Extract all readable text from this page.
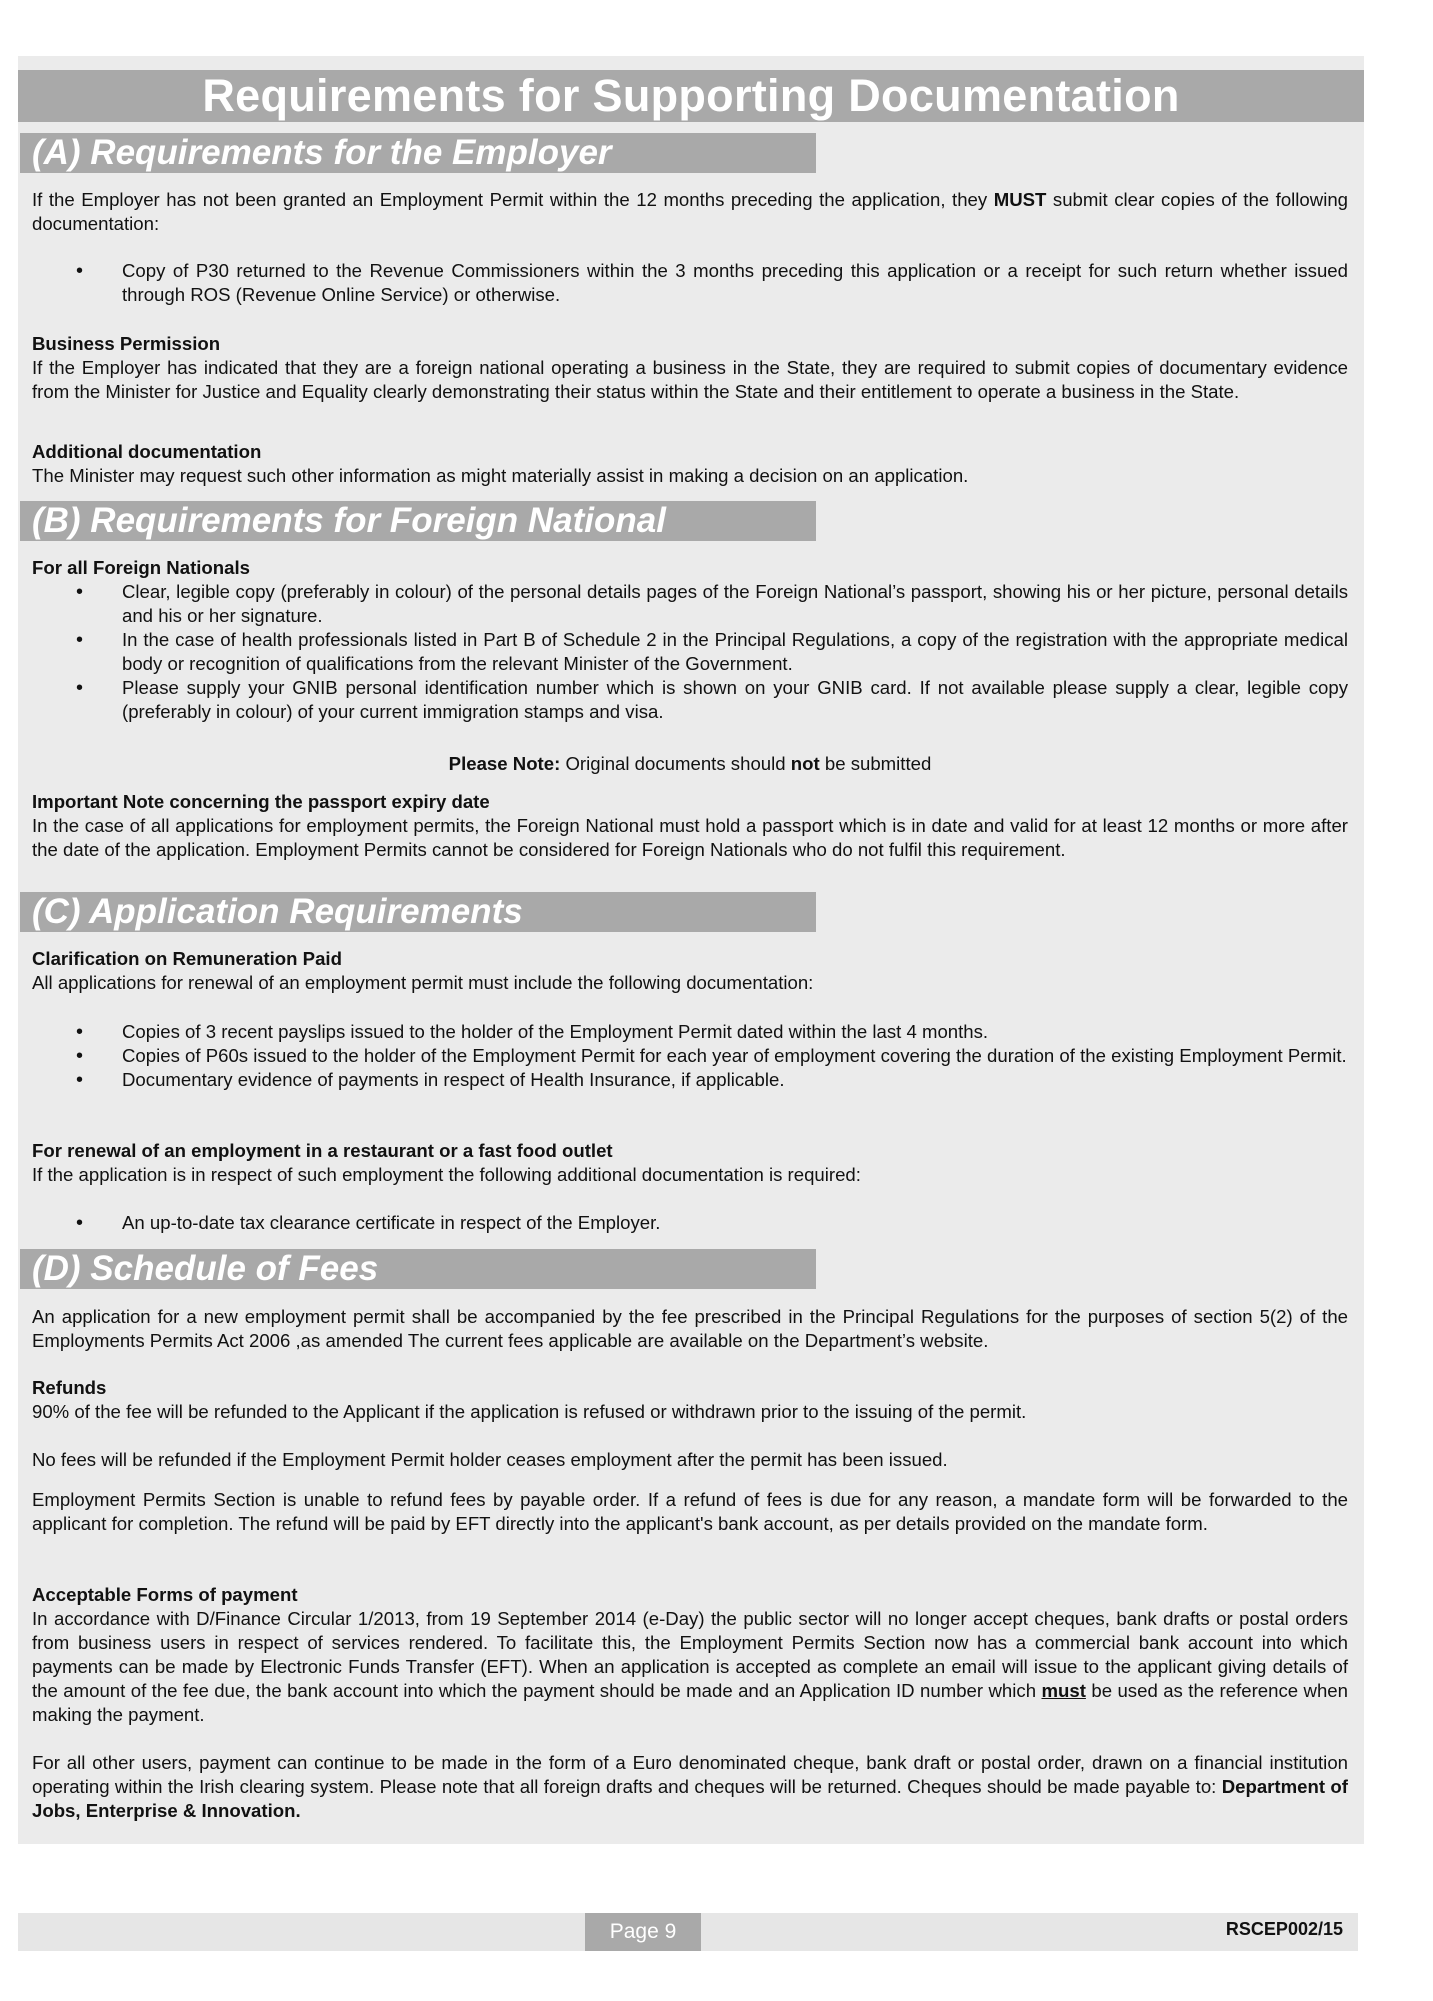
Requirements for Supporting Documentation
(A) Requirements for the Employer

If the Employer has not been granted an Employment Permit within the 12 months preceding the application, they MUST submit clear copies of the following documentation:

• Copy of P30 returned to the Revenue Commissioners within the 3 months preceding this application or a receipt for such return whether issued through ROS (Revenue Online Service) or otherwise.

Business Permission

If the Employer has indicated that they are a foreign national operating a business in the State, they are required to submit copies of documentary evidence from the Minister for Justice and Equality clearly demonstrating their status within the State and their entitlement to operate a business in the State.

Additional documentation

The Minister may request such other information as might materially assist in making a decision on an application.

(B) Requirements for Foreign National

For all Foreign Nationals

• Clear, legible copy (preferably in colour) of the personal details pages of the Foreign National’s passport, showing his or her picture, personal details and his or her signature.
• In the case of health professionals listed in Part B of Schedule 2 in the Principal Regulations, a copy of the registration with the appropriate medical body or recognition of qualifications from the relevant Minister of the Government.
• Please supply your GNIB personal identification number which is shown on your GNIB card. If not available please supply a clear, legible copy (preferably in colour) of your current immigration stamps and visa.

Please Note: Original documents should not be submitted

Important Note concerning the passport expiry date

In the case of all applications for employment permits, the Foreign National must hold a passport which is in date and valid for at least 12 months or more after the date of the application. Employment Permits cannot be considered for Foreign Nationals who do not fulfil this requirement.

(C) Application Requirements

Clarification on Remuneration Paid

All applications for renewal of an employment permit must include the following documentation:

• Copies of 3 recent payslips issued to the holder of the Employment Permit dated within the last 4 months.
• Copies of P60s issued to the holder of the Employment Permit for each year of employment covering the duration of the existing Employment Permit.
• Documentary evidence of payments in respect of Health Insurance, if applicable.

For renewal of an employment in a restaurant or a fast food outlet

If the application is in respect of such employment the following additional documentation is required:

• An up-to-date tax clearance certificate in respect of the Employer.
(D) Schedule of Fees

An application for a new employment permit shall be accompanied by the fee prescribed in the Principal Regulations for the purposes of section 5(2) of the Employments Permits Act 2006 ,as amended The current fees applicable are available on the Department’s website.

Refunds

90% of the fee will be refunded to the Applicant if the application is refused or withdrawn prior to the issuing of the permit.

No fees will be refunded if the Employment Permit holder ceases employment after the permit has been issued.

Employment Permits Section is unable to refund fees by payable order. If a refund of fees is due for any reason, a mandate form will be forwarded to the applicant for completion. The refund will be paid by EFT directly into the applicant's bank account, as per details provided on the mandate form.

Acceptable Forms of payment

In accordance with D/Finance Circular 1/2013, from 19 September 2014 (e-Day) the public sector will no longer accept cheques, bank drafts or postal orders from business users in respect of services rendered. To facilitate this, the Employment Permits Section now has a commercial bank account into which payments can be made by Electronic Funds Transfer (EFT). When an application is accepted as complete an email will issue to the applicant giving details of the amount of the fee due, the bank account into which the payment should be made and an Application ID number which must be used as the reference when making the payment.

For all other users, payment can continue to be made in the form of a Euro denominated cheque, bank draft or postal order, drawn on a financial institution operating within the Irish clearing system. Please note that all foreign drafts and cheques will be returned. Cheques should be made payable to: Department of Jobs, Enterprise & Innovation.

Page 9	RSCEP002/15
